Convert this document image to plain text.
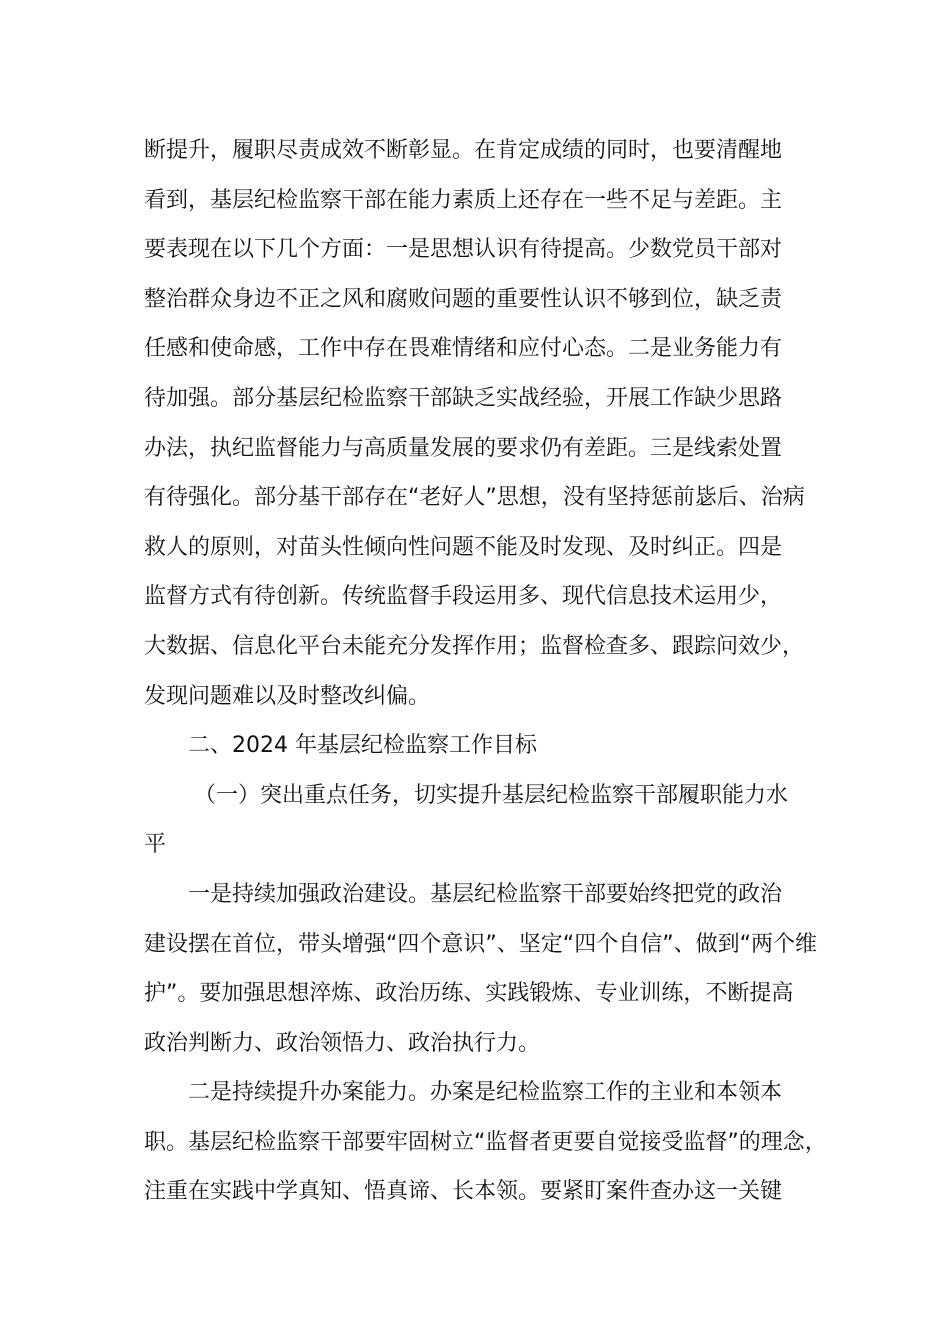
断提升，履职尽责成效不断彰显。在肯定成绩的同时，也要清醒地
看到，基层纪检监察干部在能力素质上还存在一些不足与差距。主
要表现在以下几个方面：一是思想认识有待提高。少数党员干部对
整治群众身边不正之风和腐败问题的重要性认识不够到位，缺乏责
任感和使命感，工作中存在畏难情绪和应付心态。二是业务能力有
待加强。部分基层纪检监察干部缺乏实战经验，开展工作缺少思路
办法，执纪监督能力与高质量发展的要求仍有差距。三是线索处置
有待强化。部分基干部存在“老好人”思想，没有坚持惩前毖后、治病
救人的原则，对苗头性倾向性问题不能及时发现、及时纠正。四是
监督方式有待创新。传统监督手段运用多、现代信息技术运用少，
大数据、信息化平台未能充分发挥作用；监督检查多、跟踪问效少，
发现问题难以及时整改纠偏。
二、2024 年基层纪检监察工作目标
（一）突出重点任务，切实提升基层纪检监察干部履职能力水
平
一是持续加强政治建设。基层纪检监察干部要始终把党的政治
建设摆在首位，带头增强“四个意识”、坚定“四个自信”、做到“两个维
护”。要加强思想淬炼、政治历练、实践锻炼、专业训练，不断提高
政治判断力、政治领悟力、政治执行力。
二是持续提升办案能力。办案是纪检监察工作的主业和本领本
职。基层纪检监察干部要牢固树立“监督者更要自觉接受监督”的理念，
注重在实践中学真知、悟真谛、长本领。要紧盯案件查办这一关键
